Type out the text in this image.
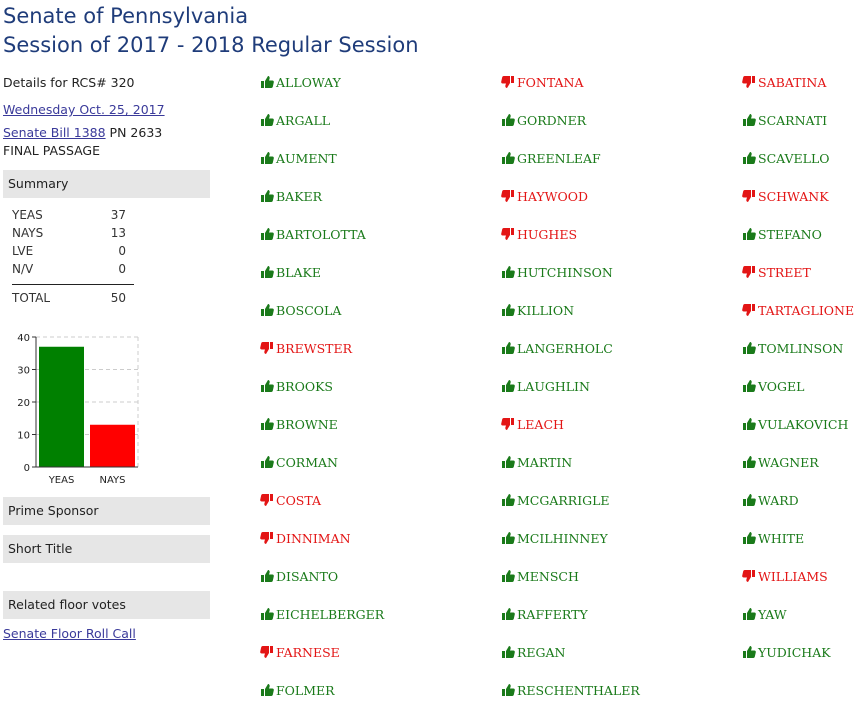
Senate of Pennsylvania
Session of 2017 - 2018 Regular Session
Details for RCS# 320
Wednesday Oct. 25, 2017
Senate Bill 1388 PN 2633
FINAL PASSAGE
Summary
YEAS	37
NAYS	13
LVE	0
N/V	0
TOTAL	50
YEAS	NAYS
0
10
20
30
40
Prime Sponsor
Short Title
Related floor votes
Senate Floor Roll Call
ALLOWAY
ARGALL
AUMENT
BAKER
BARTOLOTTA
BLAKE
BOSCOLA
BREWSTER
BROOKS
BROWNE
CORMAN
COSTA
DINNIMAN
DISANTO
EICHELBERGER
FARNESE
FOLMER
FONTANA
GORDNER
GREENLEAF
HAYWOOD
HUGHES
HUTCHINSON
KILLION
LANGERHOLC
LAUGHLIN
LEACH
MARTIN
MCGARRIGLE
MCILHINNEY
MENSCH
RAFFERTY
REGAN
RESCHENTHALER
SABATINA
SCARNATI
SCAVELLO
SCHWANK
STEFANO
STREET
TARTAGLIONE
TOMLINSON
VOGEL
VULAKOVICH
WAGNER
WARD
WHITE
WILLIAMS
YAW
YUDICHAK
